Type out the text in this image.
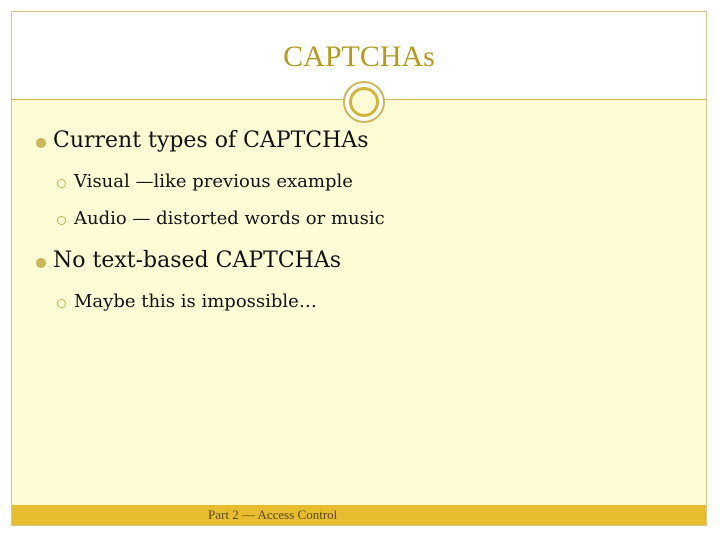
CAPTCHAs
Current types of CAPTCHAs
Visual —like previous example
Audio — distorted words or music
No text-based CAPTCHAs
Maybe this is impossible…
Part 2 — Access Control
